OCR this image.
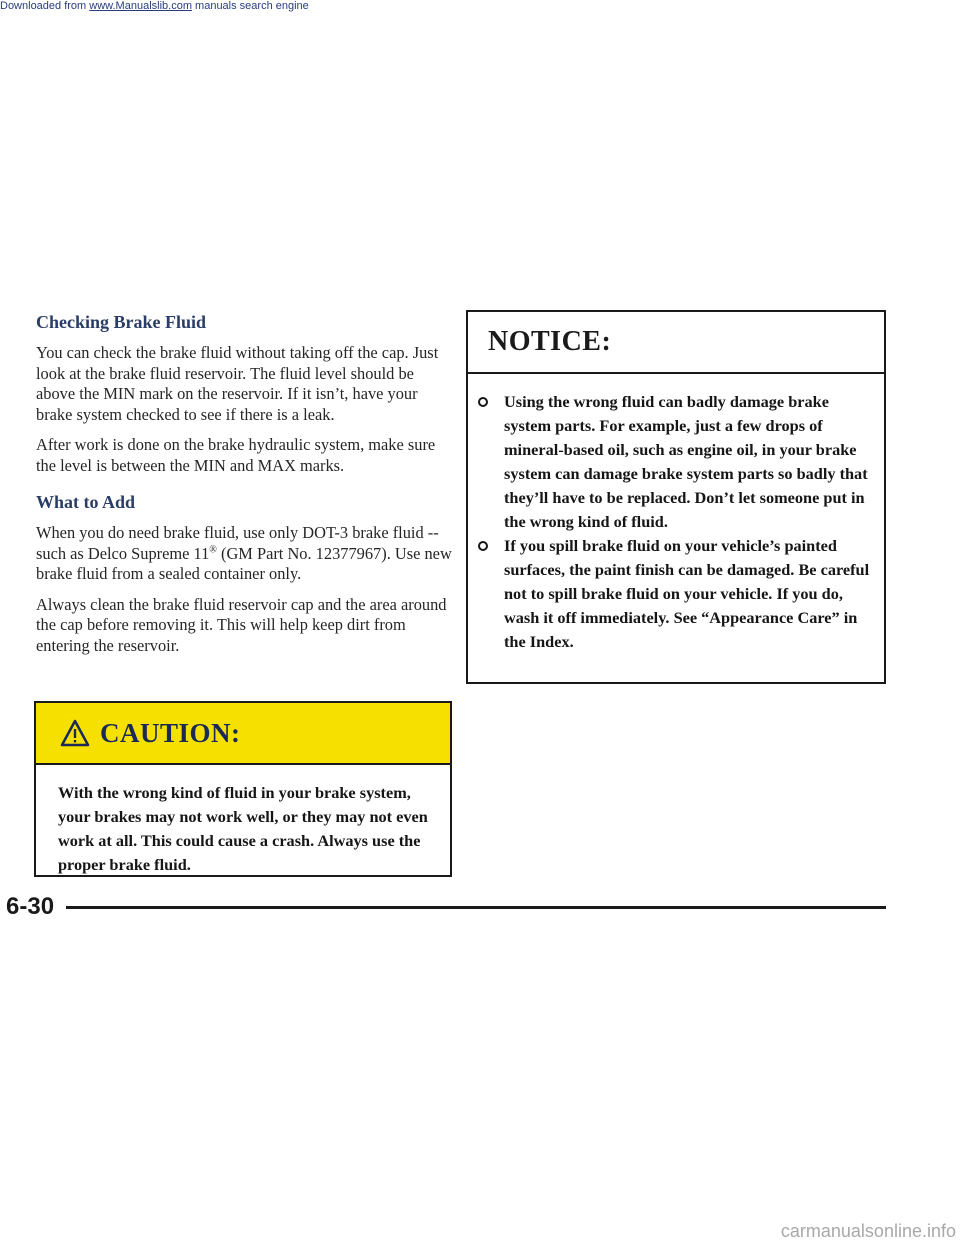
Downloaded from www.Manualslib.com manuals search engine
Checking Brake Fluid

You can check the brake fluid without taking off the cap. Just look at the brake fluid reservoir. The fluid level should be above the MIN mark on the reservoir. If it isn’t, have your brake system checked to see if there is a leak.

After work is done on the brake hydraulic system, make sure the level is between the MIN and MAX marks.

What to Add

When you do need brake fluid, use only DOT-3 brake fluid -- such as Delco Supreme 11® (GM Part No. 12377967). Use new brake fluid from a sealed container only.

Always clean the brake fluid reservoir cap and the area around the cap before removing it. This will help keep dirt from entering the reservoir.

CAUTION:
With the wrong kind of fluid in your brake system, your brakes may not work well, or they may not even work at all. This could cause a crash. Always use the proper brake fluid.
NOTICE:
Using the wrong fluid can badly damage brake system parts. For example, just a few drops of mineral-based oil, such as engine oil, in your brake system can damage brake system parts so badly that they’ll have to be replaced. Don’t let someone put in the wrong kind of fluid.
If you spill brake fluid on your vehicle’s painted surfaces, the paint finish can be damaged. Be careful not to spill brake fluid on your vehicle. If you do, wash it off immediately. See “Appearance Care” in the Index.
6-30
carmanualsonline.info
